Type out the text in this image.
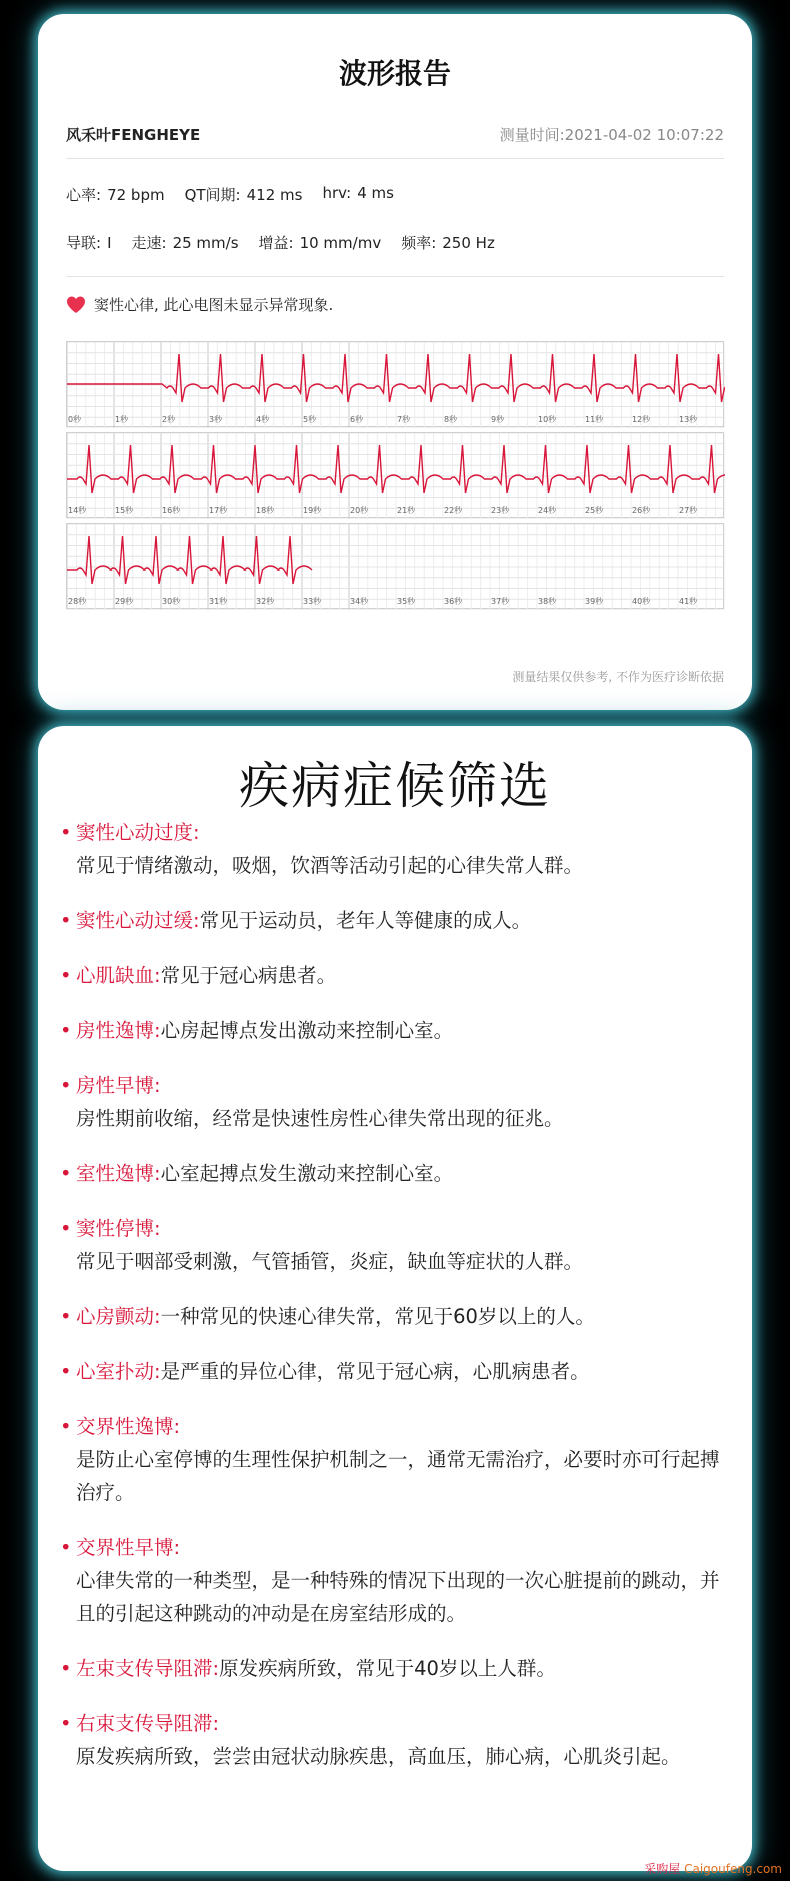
波形报告
风禾叶FENGHEYE	测量时间:2021-04-02 10:07:22
心率: 72 bpm QT间期: 412 ms hrv: 4 ms
导联: I 走速: 25 mm/s 增益: 10 mm/mv 频率: 250 Hz
窦性心律, 此心电图未显示异常现象.
0秒	1秒	2秒	3秒	4秒	5秒	6秒	7秒	8秒	9秒	10秒	11秒	12秒	13秒
14秒	15秒	16秒	17秒	18秒	19秒	20秒	21秒	22秒	23秒	24秒	25秒	26秒	27秒
28秒	29秒	30秒	31秒	32秒	33秒	34秒	35秒	36秒	37秒	38秒	39秒	40秒	41秒
测量结果仅供参考, 不作为医疗诊断依据
疾病症候筛选
• 窦性心动过度:
常见于情绪激动，吸烟，饮酒等活动引起的心律失常人群。
• 窦性心动过缓:常见于运动员，老年人等健康的成人。
• 心肌缺血:常见于冠心病患者。
• 房性逸博:心房起博点发出激动来控制心室。
• 房性早博:
房性期前收缩，经常是快速性房性心律失常出现的征兆。
• 室性逸博:心室起搏点发生激动来控制心室。
• 窦性停博:
常见于咽部受刺激，气管插管，炎症，缺血等症状的人群。
• 心房颤动:一种常见的快速心律失常，常见于60岁以上的人。
• 心室扑动:是严重的异位心律，常见于冠心病，心肌病患者。
• 交界性逸博:
是防止心室停博的生理性保护机制之一，通常无需治疗，必要时亦可行起搏治疗。
• 交界性早博:
心律失常的一种类型，是一种特殊的情况下出现的一次心脏提前的跳动，并且的引起这种跳动的冲动是在房室结形成的。
• 左束支传导阻滞:原发疾病所致，常见于40岁以上人群。
• 右束支传导阻滞:
原发疾病所致，尝尝由冠状动脉疾患，高血压，肺心病，心肌炎引起。
采购屋 Caigoufeng.com
